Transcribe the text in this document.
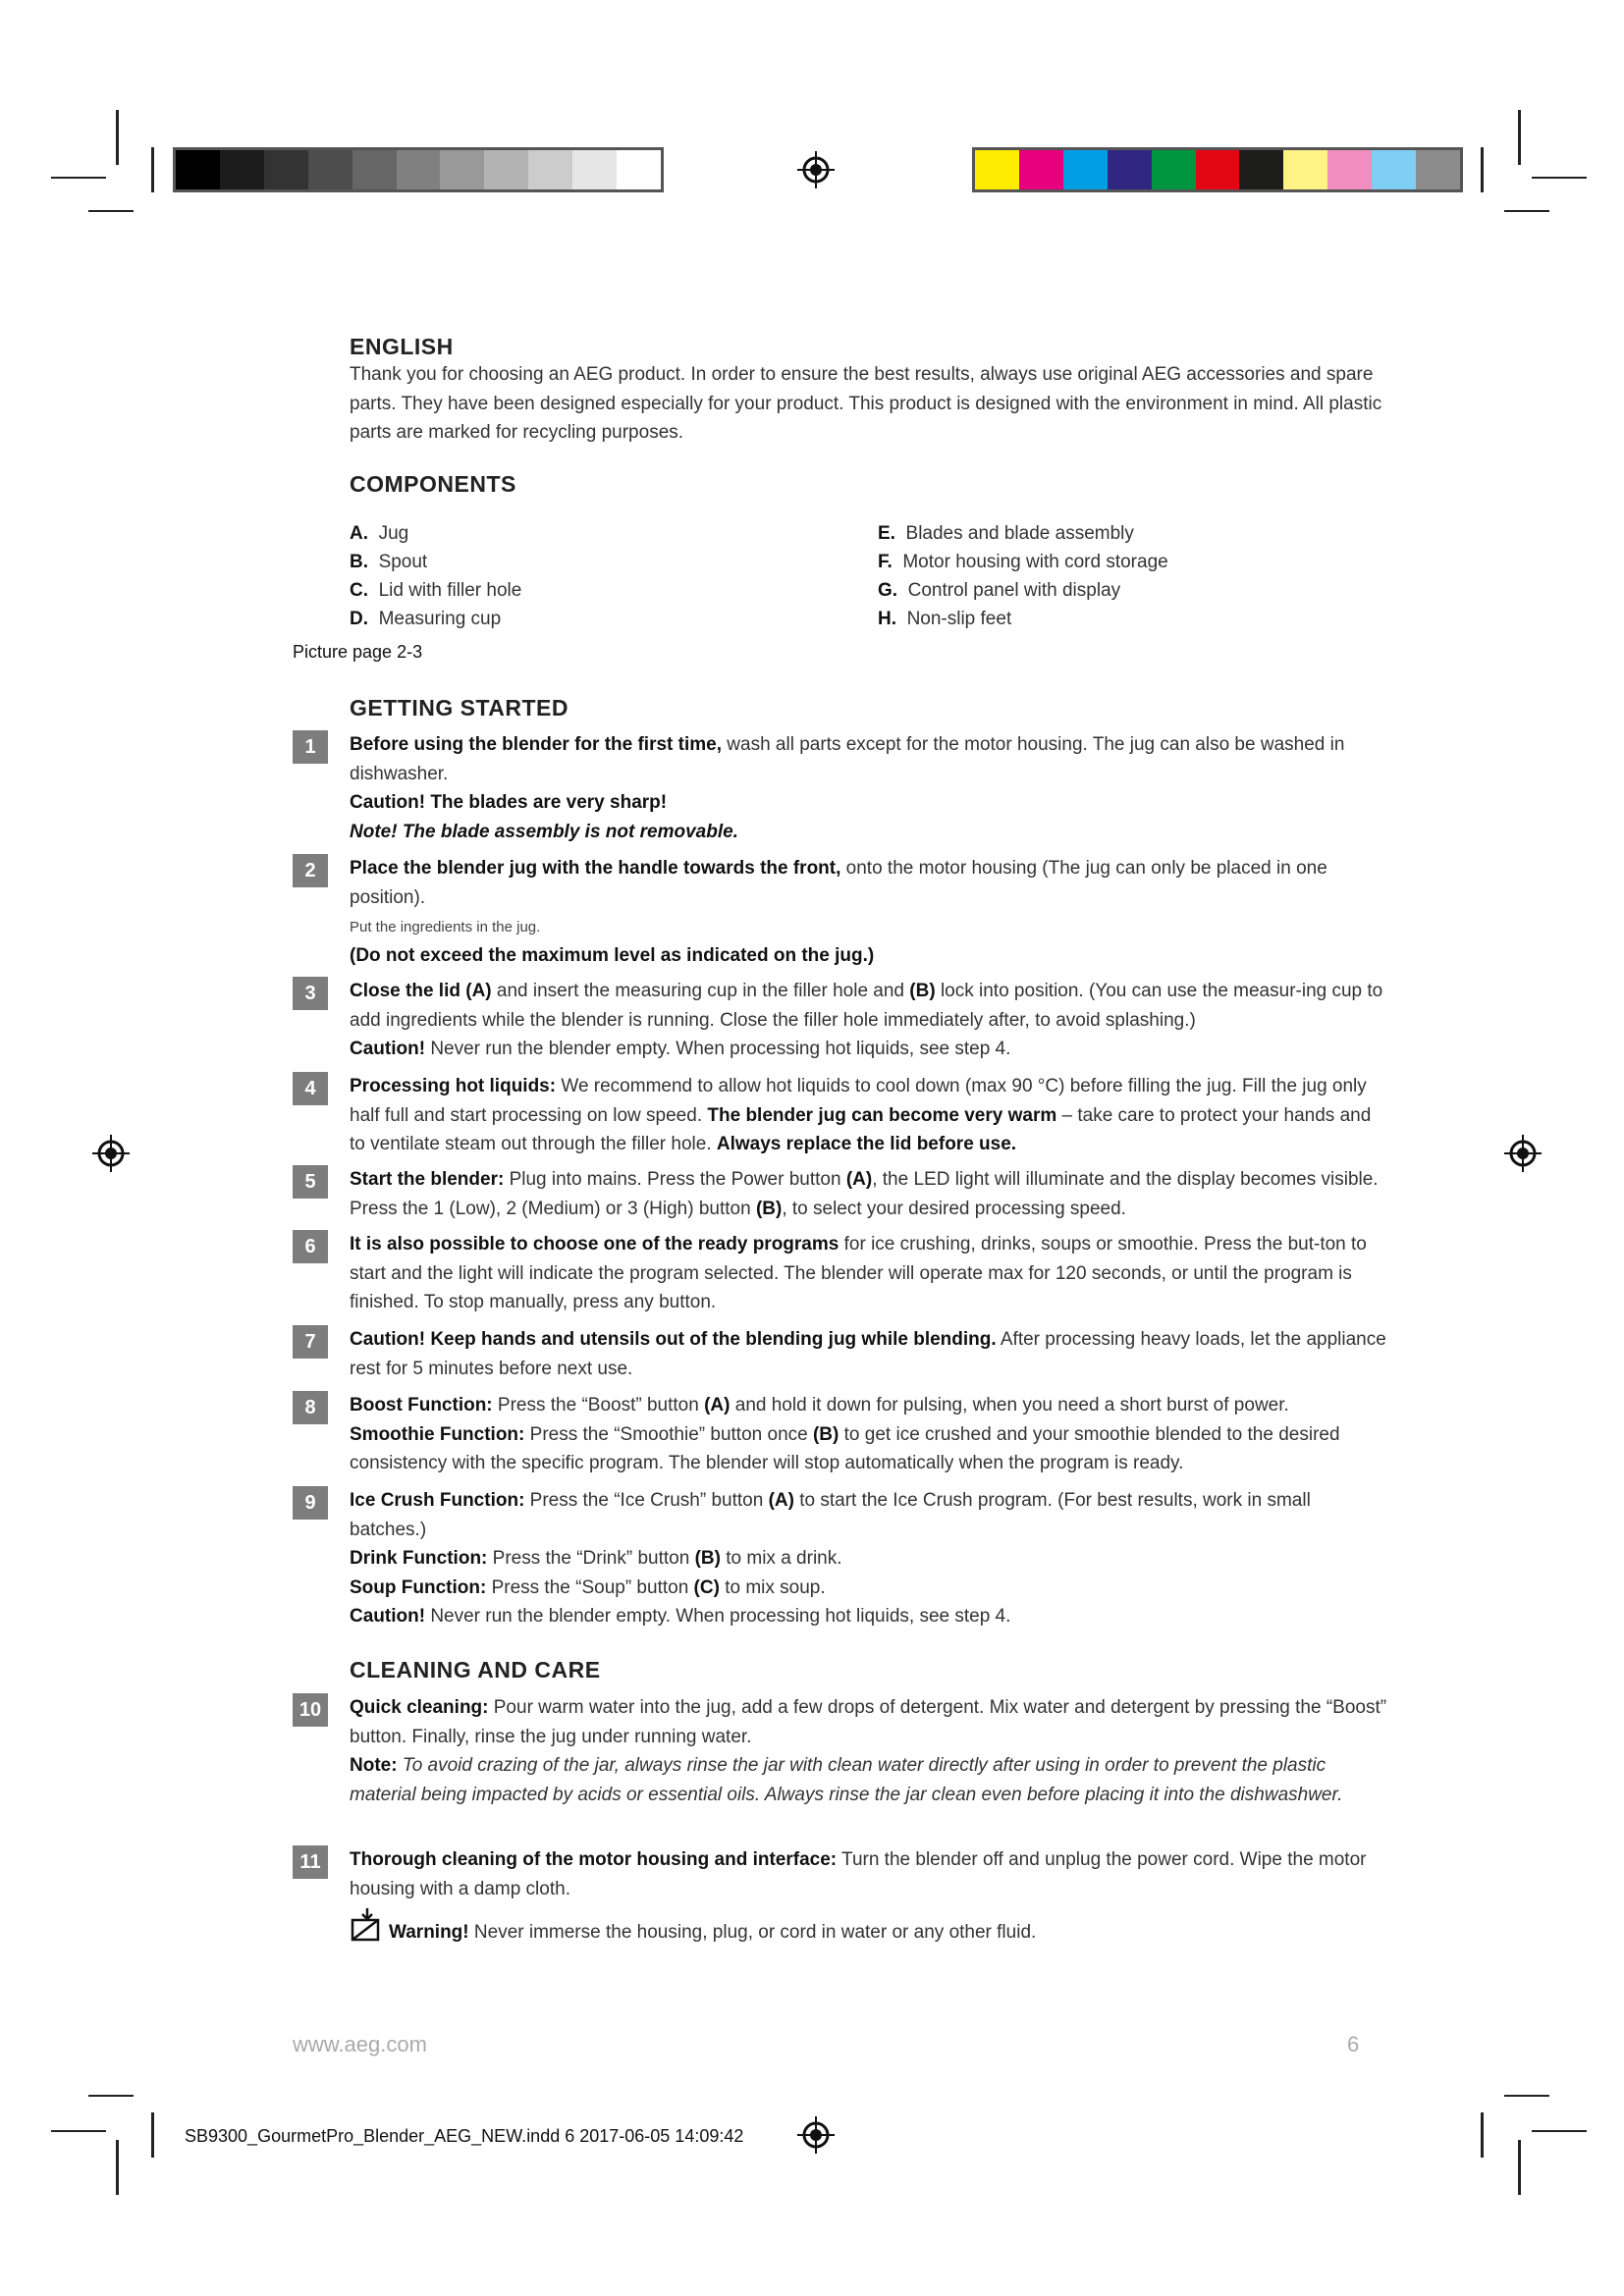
ENGLISH

Thank you for choosing an AEG product. In order to ensure the best results, always use original AEG accessories and spare parts. They have been designed especially for your product. This product is designed with the environment in mind. All plastic parts are marked for recycling purposes.

COMPONENTS
A. Jug
B. Spout
C. Lid with filler hole
D. Measuring cup
E. Blades and blade assembly
F. Motor housing with cord storage
G. Control panel with display
H. Non-slip feet
Picture page 2-3
GETTING STARTED
1	Before using the blender for the first time, wash all parts except for the motor housing. The jug can also be washed in dishwasher.
Caution! The blades are very sharp!
Note! The blade assembly is not removable.
2	Place the blender jug with the handle towards the front, onto the motor housing (The jug can only be placed in one position).
Put the ingredients in the jug.
(Do not exceed the maximum level as indicated on the jug.)
3	Close the lid (A) and insert the measuring cup in the filler hole and (B) lock into position. (You can use the measur-ing cup to add ingredients while the blender is running. Close the filler hole immediately after, to avoid splashing.)
Caution! Never run the blender empty. When processing hot liquids, see step 4.
4	Processing hot liquids: We recommend to allow hot liquids to cool down (max 90 °C) before filling the jug. Fill the jug only half full and start processing on low speed. The blender jug can become very warm – take care to protect your hands and to ventilate steam out through the filler hole. Always replace the lid before use.
5	Start the blender: Plug into mains. Press the Power button (A), the LED light will illuminate and the display becomes visible. Press the 1 (Low), 2 (Medium) or 3 (High) button (B), to select your desired processing speed.
6	It is also possible to choose one of the ready programs for ice crushing, drinks, soups or smoothie. Press the but-ton to start and the light will indicate the program selected. The blender will operate max for 120 seconds, or until the program is finished. To stop manually, press any button.
7	Caution! Keep hands and utensils out of the blending jug while blending. After processing heavy loads, let the appliance rest for 5 minutes before next use.
8	Boost Function: Press the “Boost” button (A) and hold it down for pulsing, when you need a short burst of power.
Smoothie Function: Press the “Smoothie” button once (B) to get ice crushed and your smoothie blended to the desired consistency with the specific program. The blender will stop automatically when the program is ready.
9	Ice Crush Function: Press the “Ice Crush” button (A) to start the Ice Crush program. (For best results, work in small batches.)
Drink Function: Press the “Drink” button (B) to mix a drink.
Soup Function: Press the “Soup” button (C) to mix soup.
Caution! Never run the blender empty. When processing hot liquids, see step 4.
CLEANING AND CARE
10	Quick cleaning: Pour warm water into the jug, add a few drops of detergent. Mix water and detergent by pressing the “Boost” button. Finally, rinse the jug under running water.
Note: To avoid crazing of the jar, always rinse the jar with clean water directly after using in order to prevent the plastic material being impacted by acids or essential oils. Always rinse the jar clean even before placing it into the dishwashwer.
11	Thorough cleaning of the motor housing and interface: Turn the blender off and unplug the power cord. Wipe the motor housing with a damp cloth.
Warning! Never immerse the housing, plug, or cord in water or any other fluid.
www.aeg.com	6
SB9300_GourmetPro_Blender_AEG_NEW.indd 6 2017-06-05 14:09:42
